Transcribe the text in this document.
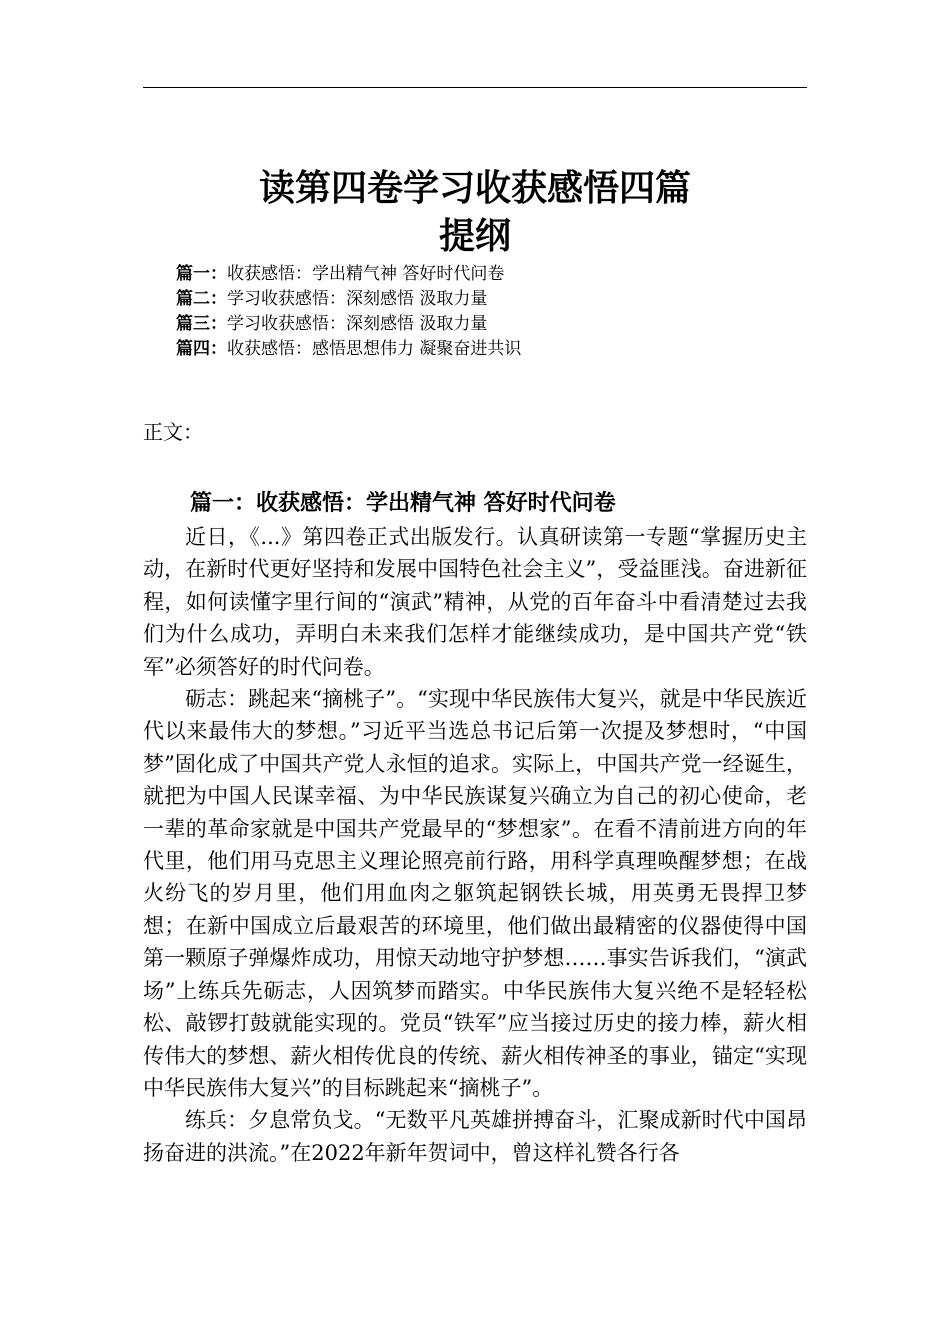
读第四卷学习收获感悟四篇
提纲
篇一：收获感悟：学出精气神 答好时代问卷
篇二：学习收获感悟：深刻感悟 汲取力量
篇三：学习收获感悟：深刻感悟 汲取力量
篇四：收获感悟：感悟思想伟力 凝聚奋进共识
正文：
篇一：收获感悟：学出精气神 答好时代问卷

近日，《...》第四卷正式出版发行。认真研读第一专题“掌握历史主动，在新时代更好坚持和发展中国特色社会主义”，受益匪浅。奋进新征程，如何读懂字里行间的“演武”精神，从党的百年奋斗中看清楚过去我们为什么成功，弄明白未来我们怎样才能继续成功，是中国共产党“铁军”必须答好的时代问卷。

砺志：跳起来“摘桃子”。“实现中华民族伟大复兴，就是中华民族近代以来最伟大的梦想。”习近平当选总书记后第一次提及梦想时，“中国梦”固化成了中国共产党人永恒的追求。实际上，中国共产党一经诞生，就把为中国人民谋幸福、为中华民族谋复兴确立为自己的初心使命，老一辈的革命家就是中国共产党最早的“梦想家”。在看不清前进方向的年代里，他们用马克思主义理论照亮前行路，用科学真理唤醒梦想；在战火纷飞的岁月里，他们用血肉之躯筑起钢铁长城，用英勇无畏捍卫梦想；在新中国成立后最艰苦的环境里，他们做出最精密的仪器使得中国第一颗原子弹爆炸成功，用惊天动地守护梦想……事实告诉我们，“演武场”上练兵先砺志，人因筑梦而踏实。中华民族伟大复兴绝不是轻轻松松、敲锣打鼓就能实现的。党员“铁军”应当接过历史的接力棒，薪火相传伟大的梦想、薪火相传优良的传统、薪火相传神圣的事业，锚定“实现中华民族伟大复兴”的目标跳起来“摘桃子”。

练兵：夕息常负戈。“无数平凡英雄拼搏奋斗，汇聚成新时代中国昂扬奋进的洪流。”在2022年新年贺词中，曾这样礼赞各行各
